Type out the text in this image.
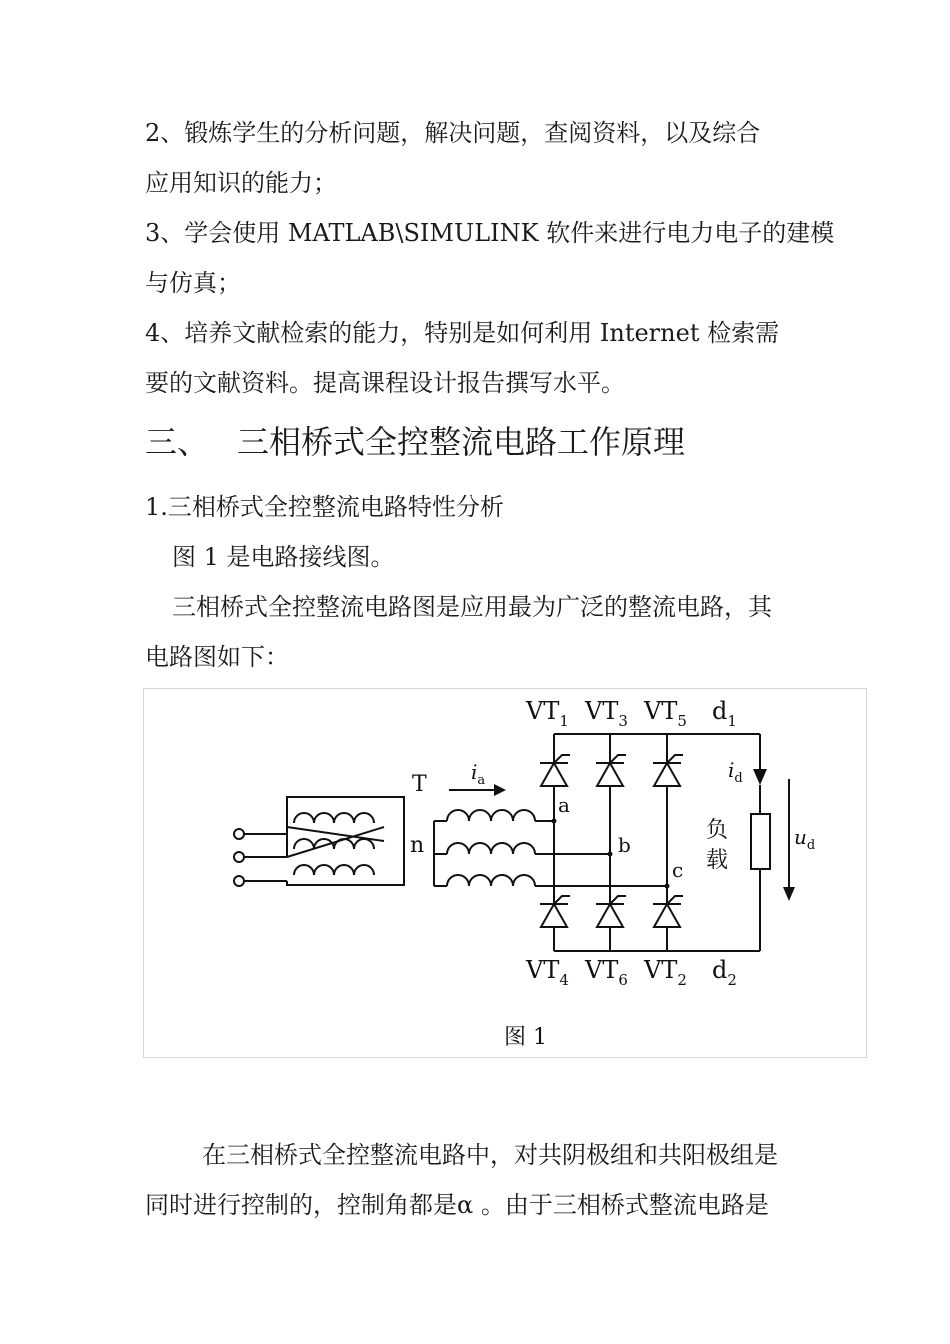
2、锻炼学生的分析问题，解决问题，查阅资料，以及综合
应用知识的能力；
3、学会使用 MATLAB\SIMULINK 软件来进行电力电子的建模
与仿真；
4、培养文献检索的能力，特别是如何利用 Internet 检索需
要的文献资料。提高课程设计报告撰写水平。
三、 三相桥式全控整流电路工作原理
1.三相桥式全控整流电路特性分析
图 1 是电路接线图。
三相桥式全控整流电路图是应用最为广泛的整流电路，其
电路图如下：
T
n
$i_a$
a
b
c
$VT_1$ $VT_3$ $VT_5$ $d_1$
$VT_4$ $VT_6$ $VT_2$ $d_2$
$i_d$
负
载
$u_d$
图 1
在三相桥式全控整流电路中，对共阴极组和共阳极组是
同时进行控制的，控制角都是α 。由于三相桥式整流电路是
